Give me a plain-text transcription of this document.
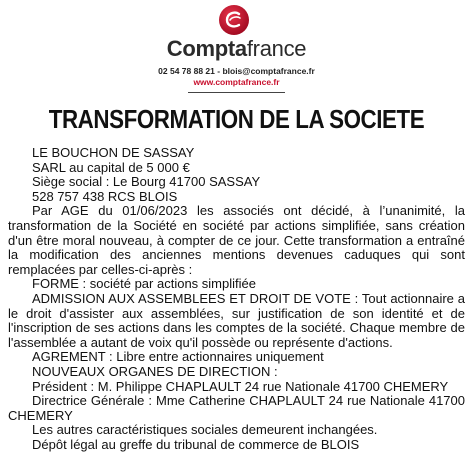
Comptafrance
02 54 78 88 21 - blois@comptafrance.fr
www.comptafrance.fr
TRANSFORMATION DE LA SOCIETE

LE BOUCHON DE SASSAY

SARL au capital de 5 000 €

Siège social : Le Bourg 41700 SASSAY

528 757 438 RCS BLOIS

Par AGE du 01/06/2023 les associés ont décidé, à l’unanimité, la transformation de la Société en société par actions simplifiée, sans création d'un être moral nouveau, à compter de ce jour. Cette transformation a entraîné la modification des anciennes mentions devenues caduques qui sont remplacées par celles-ci-après :

FORME : société par actions simplifiée

ADMISSION AUX ASSEMBLEES ET DROIT DE VOTE : Tout actionnaire a le droit d'assister aux assemblées, sur justification de son identité et de l'inscription de ses actions dans les comptes de la société. Chaque membre de l'assemblée a autant de voix qu'il possède ou représente d'actions.

AGREMENT : Libre entre actionnaires uniquement

NOUVEAUX ORGANES DE DIRECTION :

Président : M. Philippe CHAPLAULT 24 rue Nationale 41700 CHEMERY

Directrice Générale : Mme Catherine CHAPLAULT 24 rue Nationale 41700 CHEMERY

Les autres caractéristiques sociales demeurent inchangées.

Dépôt légal au greffe du tribunal de commerce de BLOIS
